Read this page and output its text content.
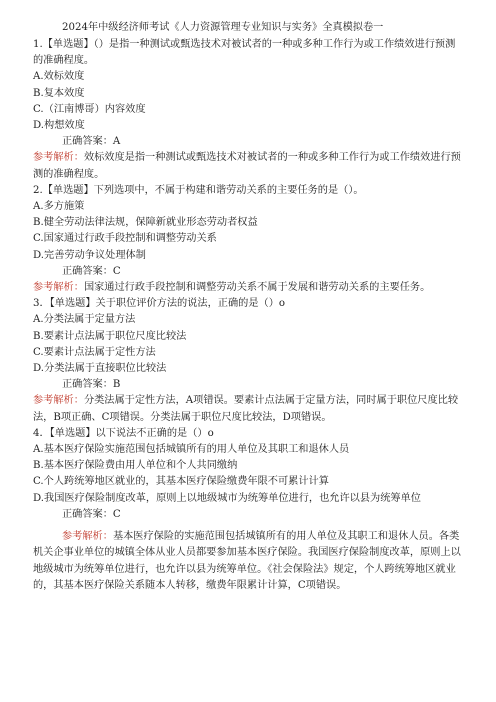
2024年中级经济师考试《人力资源管理专业知识与实务》全真模拟卷一
1.【单选题】（）是指一种测试或甄选技术对被试者的一种或多种工作行为或工作绩效进行预测的准确程度。
A.效标效度
B.复本效度
C.（江南博哥）内容效度
D.构想效度
正确答案：A
参考解析：效标效度是指一种测试或甄选技术对被试者的一种或多种工作行为或工作绩效进行预测的准确程度。
2.【单选题】下列选项中，不属于构建和谐劳动关系的主要任务的是（）。
A.多方施策
B.健全劳动法律法规，保障新就业形态劳动者权益
C.国家通过行政手段控制和调整劳动关系
D.完善劳动争议处理体制
正确答案：C
参考解析：国家通过行政手段控制和调整劳动关系不属于发展和谐劳动关系的主要任务。
3．【单选题】关于职位评价方法的说法，正确的是（）o
A.分类法属于定量方法
B.要素计点法属于职位尺度比较法
C.要素计点法属于定性方法
D.分类法属于直接职位比较法
正确答案：B
参考解析：分类法属于定性方法，A项错误。要素计点法属于定量方法，同时属于职位尺度比较法，B项正确、C项错误。分类法属于职位尺度比较法，D项错误。
4．【单选题】以下说法不正确的是（）o
A.基本医疗保险实施范围包括城镇所有的用人单位及其职工和退休人员
B.基本医疗保险费由用人单位和个人共同缴纳
C.个人跨统筹地区就业的，其基本医疗保险缴费年限不可累计计算
D.我国医疗保险制度改革，原则上以地级城市为统筹单位进行，也允许以县为统筹单位
正确答案：C
参考解析：基本医疗保险的实施范围包括城镇所有的用人单位及其职工和退休人员。各类机关企事业单位的城镇全体从业人员都要参加基本医疗保险。我国医疗保险制度改革，原则上以地级城市为统筹单位进行，也允许以县为统筹单位。《社会保险法》规定，个人跨统筹地区就业的，其基本医疗保险关系随本人转移，缴费年限累计计算，C项错误。
